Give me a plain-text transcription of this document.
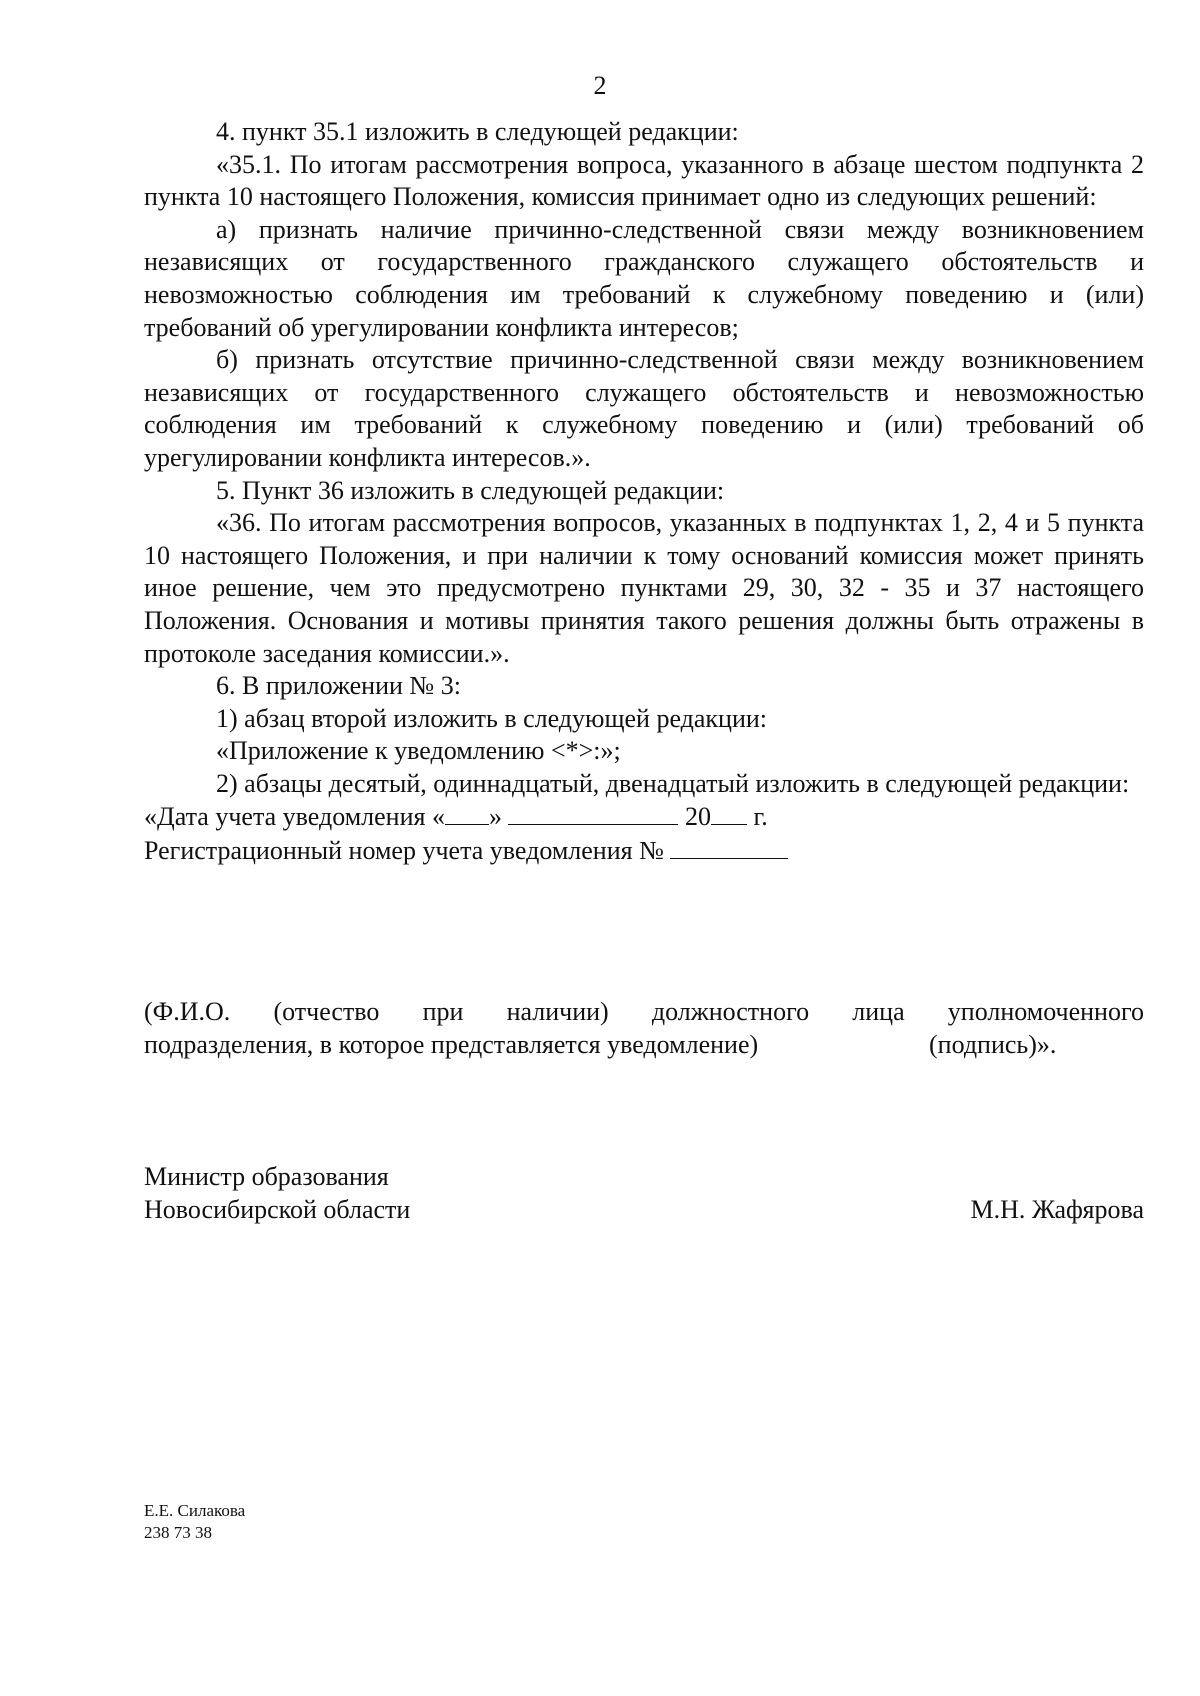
2

4. пункт 35.1 изложить в следующей редакции:

«35.1. По итогам рассмотрения вопроса, указанного в абзаце шестом подпункта 2 пункта 10 настоящего Положения, комиссия принимает одно из следующих решений:

а) признать наличие причинно-следственной связи между возникновением независящих от государственного гражданского служащего обстоятельств и невозможностью соблюдения им требований к служебному поведению и (или) требований об урегулировании конфликта интересов;

б) признать отсутствие причинно-следственной связи между возникновением независящих от государственного служащего обстоятельств и невозможностью соблюдения им требований к служебному поведению и (или) требований об урегулировании конфликта интересов.».

5. Пункт 36 изложить в следующей редакции:

«36. По итогам рассмотрения вопросов, указанных в подпунктах 1, 2, 4 и 5 пункта 10 настоящего Положения, и при наличии к тому оснований комиссия может принять иное решение, чем это предусмотрено пунктами 29, 30, 32 - 35 и 37 настоящего Положения. Основания и мотивы принятия такого решения должны быть отражены в протоколе заседания комиссии.».

6. В приложении № 3:

1) абзац второй изложить в следующей редакции:

«Приложение к уведомлению <*>:»;

2) абзацы десятый, одиннадцатый, двенадцатый изложить в следующей редакции:

«Дата учета уведомления « »	20 г.

Регистрационный номер учета уведомления №

(Ф.И.О. (отчество при наличии) должностного лица уполномоченного
подразделения, в которое представляется уведомление)	(подпись)».
Министр образования
Новосибирской области	М.Н. Жафярова
Е.Е. Силакова
238 73 38
